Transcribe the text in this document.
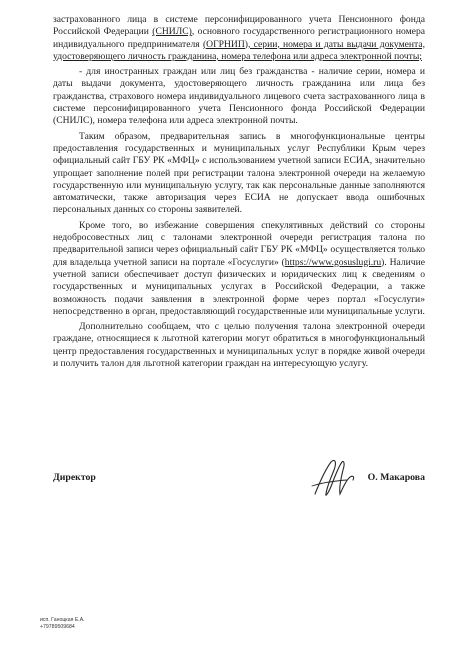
застрахованного лица в системе персонифицированного учета Пенсионного фонда Российской Федерации (СНИЛС), основного государственного регистрационного номера индивидуального предпринимателя (ОГРНИП), серии, номера и даты выдачи документа, удостоверяющего личность гражданина, номера телефона или адреса электронной почты;

- для иностранных граждан или лиц без гражданства - наличие серии, номера и даты выдачи документа, удостоверяющего личность гражданина или лица без гражданства, страхового номера индивидуального лицевого счета застрахованного лица в системе персонифицированного учета Пенсионного фонда Российской Федерации (СНИЛС), номера телефона или адреса электронной почты.

Таким образом, предварительная запись в многофункциональные центры предоставления государственных и муниципальных услуг Республики Крым через официальный сайт ГБУ РК «МФЦ» с использованием учетной записи ЕСИА, значительно упрощает заполнение полей при регистрации талона электронной очереди на желаемую государственную или муниципальную услугу, так как персональные данные заполняются автоматически, также авторизация через ЕСИА не допускает ввода ошибочных персональных данных со стороны заявителей.

Кроме того, во избежание совершения спекулятивных действий со стороны недобросовестных лиц с талонами электронной очереди регистрация талона по предварительной записи через официальный сайт ГБУ РК «МФЦ» осуществляется только для владельца учетной записи на портале «Госуслуги» (https://www.gosuslugi.ru). Наличие учетной записи обеспечивает доступ физических и юридических лиц к сведениям о государственных и муниципальных услугах в Российской Федерации, а также возможность подачи заявления в электронной форме через портал «Госуслуги» непосредственно в орган, предоставляющий государственные или муниципальные услуги.

Дополнительно сообщаем, что с целью получения талона электронной очереди граждане, относящиеся к льготной категории могут обратиться в многофункциональный центр предоставления государственных и муниципальных услуг в порядке живой очереди и получить талон для льготной категории граждан на интересующую услугу.

Директор	О. Макарова
исп. Ганоцкая Е.А.
+79789509684
